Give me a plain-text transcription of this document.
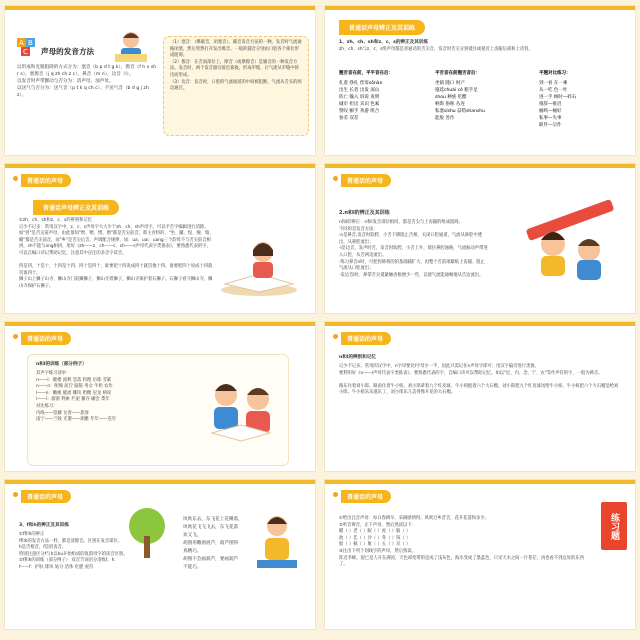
A B
C 声母的发音方法
以形成和克服阻碍的方式分为：塞音（b p d t g k），擦音（f h x sh r s），塞擦音（j q zh ch z c），鼻音（m n），边音（l）。
以发音时声带颤动与否分为：清声母、浊声母。
以送气与否分为：送气音（p t k q ch c）、不送气音（b d g j zh z）。
（1）塞音：（爆破音，闭塞音）。辅音发音方法的一种。发音时气流通路闭塞，然后突然打开发出爆音。一般的辅音分别由口腔各个部位形成阻碍。
（2）擦音：在舌面部位上，摩音（或摩擦音）是辅音的一种发音方法。发音时，两个发音器官接近靠拢，形成窄缝，让气流从窄缝中挤出而形成。
（3）边音：发音时，口腔的气流通道的中间被阻断，气流从舌头的两边通过。
普通话声母辨正及其训练
1、zh、ch、sh和z、c、s的辨正及其训练
zh、ch、sh与z、c、s组声母都是普通话的舌尖音，发音时舌尖分别抵住或接近上齿龈后部和上齿背。
翘舌音在前，平平音在后：	平舌音在前翘舌音后：	平翘对比练习：
扎着 挣扎 侄哥sǒnàn
出生 长者 出发 深山
阵亡 输入 诉说 说明
城市 担出 宾识 色素
赞叹 额手 劝游 组合
参差 双差
坐镇 随口 财产
拖延chuài cè 粗手足
shou 种族 吃醋
响饰 俗称 丛连
私塞sǐshu 蒜嗒shanshu
能般 善作
到一看 在一乘
从一吃 色一吐
进一手 顾时—碎石
推辞—推迟
桶鸣—桶好
私事—失事
职件—宗件
普通话的声母
普通话声母辨正及其训练
①zh、ch、sh和z、c、s的辨别和记忆
记少不记多：常用汉字中，z、c、s声母字大大少于zh、ch、sh声母字。可以平舌字编辑进行消除。如"曾"是舌尖前声母，由此推知"增、赠、憎、僧"都是舌尖前音，那主食特的、"坐、蹴、惶、缠、缝、瞳"都是舌尖前音，而"乡"是舌尖后音，声调配合规律，如：ua、uai、uang三个韵母不与舌尖前音相拼，sh不能与ong相拼，用好《zh——z、ch——c、sh——s声母代表字类推表》，要熟悉代表的字，可以自编口诀记帮助记忆，注意其中应注的多音字读音。

四是四，十是十，十四是十四，四十是四十，谁要把十四说成四十就罚他十四，谁要把四十说成十四就罚谁四十。
狮子山上狮子山寺，狮山寺门前狮狮子，狮山寺着狮子，狮山寺保护着石狮子。石狮子看守狮山寺，狮山寺保护石狮子。
普通话的声母
2.n和l的辨正及其训练
n和l的辨正：n和l发音部位相同，都是舌尖与上齿龈的组成阻碍。
不同的是发音方法：
·n是鼻音,发音时软腭、小舌下降阻止舌根，关闭口腔通道，气流从鼻腔中透出，从鼻腔流出；
·l是边音，发声时舌，发音时软腭，小舌上升，堵住鼻腔通路，气流振动声带进入口腔，从舌两边流出。
·练习鼻音n时，可把捏鼻将的的基础辅扩大，再整个舌前端紧贴上齿龈、阻止气流从口腔流出；
·发边音l时，鼻掌舌尖抵紧触齿根便少一些，以使气流能通畅地从舌边流出。
普通话的声母
n和l的训练（部分例子）
双声字练习清单：
n——l：暖楼 流利 恋落 料理 历练 劳累
n——n：呢喃 泥泞 脑筋 男女 牛奶 农作
l——n：嫩绳 暖流 哪块 奶糖 尼龙 呐说
l——l：溜滑 利索 烂泥 蓄存 碾会 梨年
对比练习：
内线——留藤 女客——旅客
南宁——兰陵 光港——朗雅 年年——连年
普通话的声母
n和l的辨别和记忆
记少不记多。常用的汉字中，n字母要比l字母少一半，因此只需记住n声母字即可；用汉字偏旁进行类推。
要利用好《n——l声母代表字类推表》，要熟悉代表的字，自编口诀可以帮助记忆。如以"尼、内、念、宁、农"等作声符的字，一般为鼻音。

路东住着刘小郎，路南住着牛小妞。刘小郎拿着九个红皮球，牛小妞抱着六个大石榴。刘小郎把九个红皮球送给牛小妞，牛小妞把六个大石榴送给刘小郎。牛小妞乐乐滋乐了，刘小郎乐儿美得像开花的大石榴。
普通话的声母
3、f和h的辨正及其训练
①f和h的辨正
f和h的发音方法一样，都是清擦音。区别在发音部位。
h是舌根音，f是唇齿音。
特别注意区分f与h以hu开始组成的复韵母字的读音区别。
②f和h的训练（部分例子） 双音节词语分清练f、h：
f——f：护肤 绯风 姑分 活体 化肥 虎符
风吹东去，东飞花上花瓣落，
风吹花飞飞飞去，东飞花落
欢又飞，
胡图用雕菌展芦，葫芦图得
真精巧。
胡图不会画葫芦，要画葫芦
不能巧。
普通话的声母
练习题
①给出注音声母：每日春耕早、采摘感情得。风吹过乡昔音，花开花落和多少。
②听音辨音，正下声母，然后熟读以下：
瞄（ ）老（ ）眼（ ）虎（ ）脑（ ）
池（ ）佳（ ）沙（ ）冬（ ）钱（ ）
船（ ）掘（ ）航（ ）五（ ）京（ ）
③注出下列下划线字的声母，然后熟读。
阵近李蜂，貌已是人开在满园，天色却变带的是成了浅灰色，海水变成了墨蓝色，只见天水之间一片苍茫，再也看不到远处的东西了。
